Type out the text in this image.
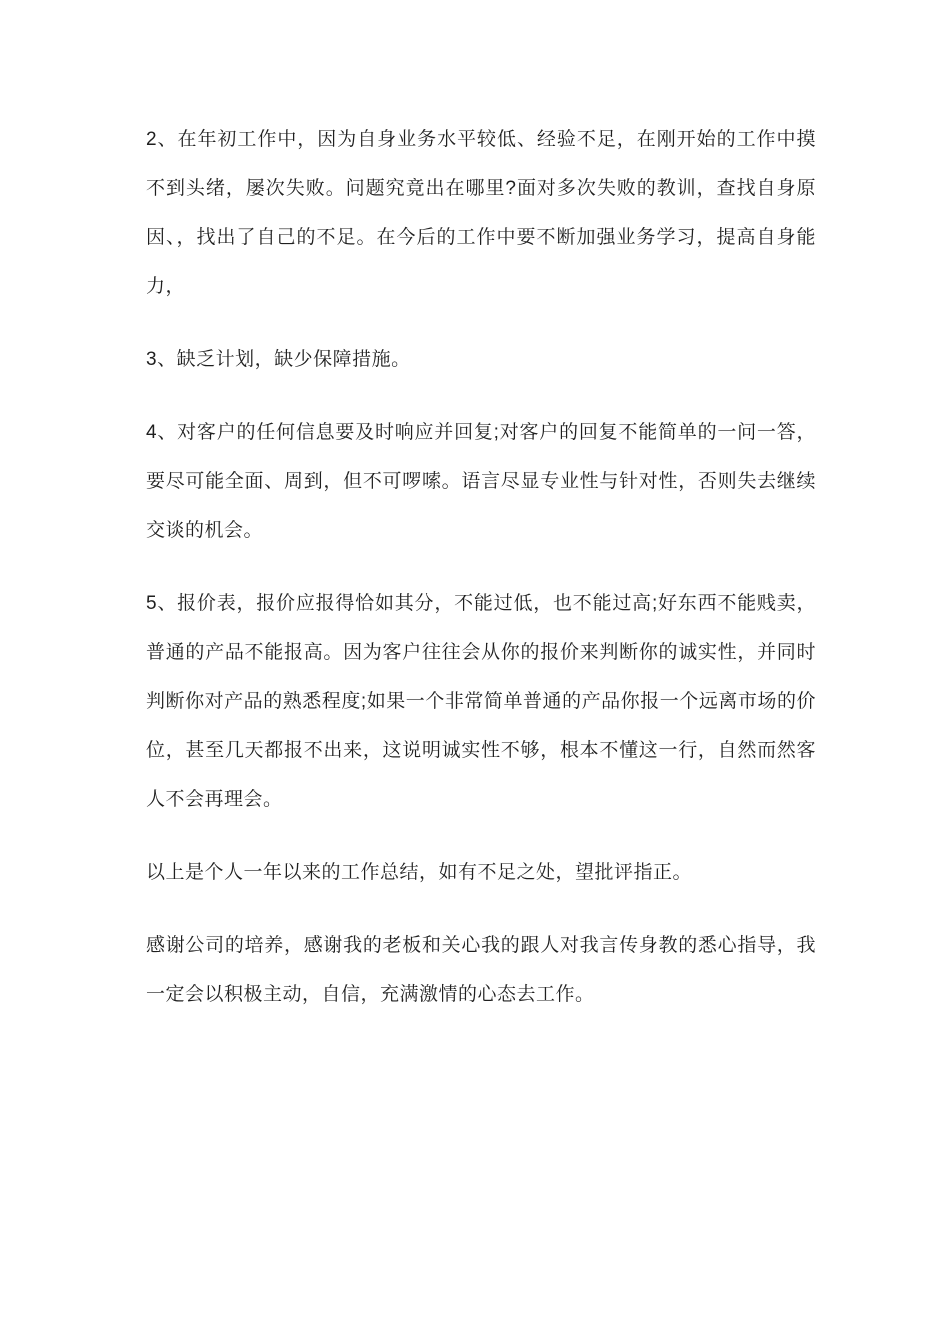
2、在年初工作中，因为自身业务水平较低、经验不足，在刚开始的工作中摸不到头绪，屡次失败。问题究竟出在哪里?面对多次失败的教训，查找自身原因、，找出了自己的不足。在今后的工作中要不断加强业务学习，提高自身能力，

3、缺乏计划，缺少保障措施。

4、对客户的任何信息要及时响应并回复;对客户的回复不能简单的一问一答，要尽可能全面、周到，但不可啰嗦。语言尽显专业性与针对性，否则失去继续交谈的机会。

5、报价表，报价应报得恰如其分，不能过低，也不能过高;好东西不能贱卖，普通的产品不能报高。因为客户往往会从你的报价来判断你的诚实性，并同时判断你对产品的熟悉程度;如果一个非常简单普通的产品你报一个远离市场的价位，甚至几天都报不出来，这说明诚实性不够，根本不懂这一行，自然而然客人不会再理会。

以上是个人一年以来的工作总结，如有不足之处，望批评指正。

感谢公司的培养，感谢我的老板和关心我的跟人对我言传身教的悉心指导，我一定会以积极主动，自信，充满激情的心态去工作。
